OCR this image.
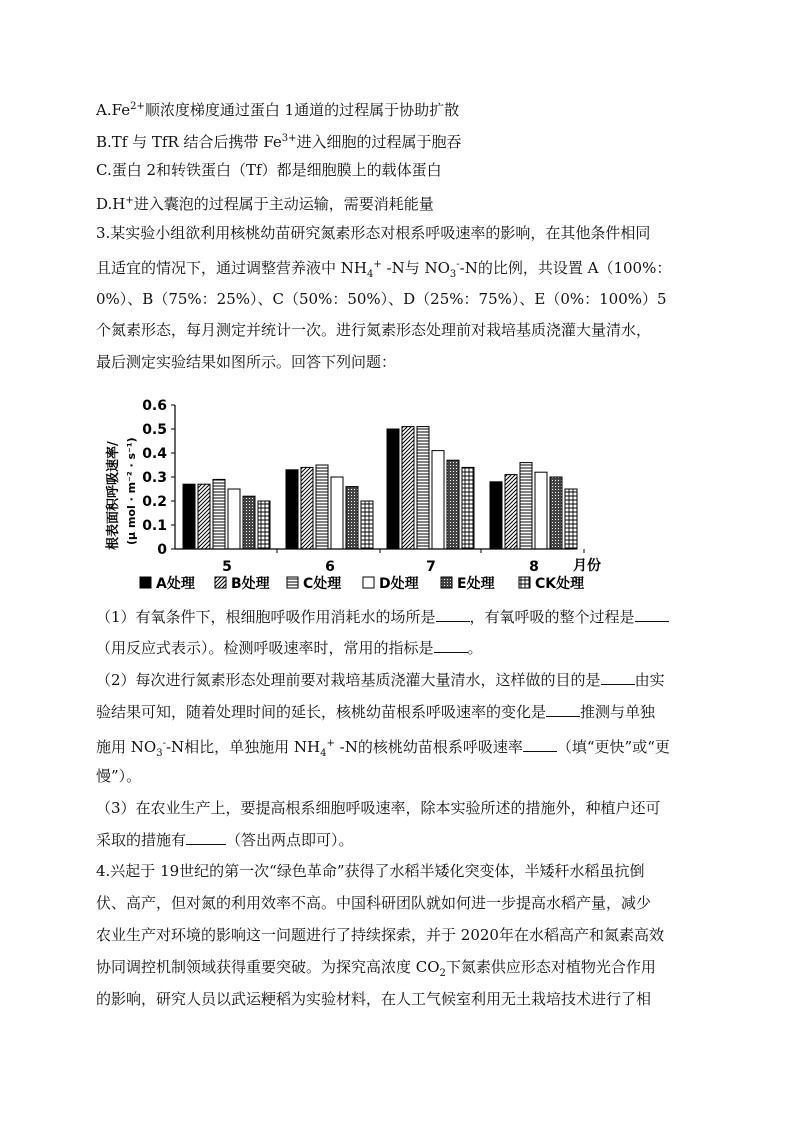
$A.Fe^{2+}$顺浓度梯度通过蛋白 1通道的过程属于协助扩散
B.Tf 与 TfR 结合后携带 $Fe^{3+}$进入细胞的过程属于胞吞
C.蛋白 2和转铁蛋白（Tf）都是细胞膜上的载体蛋白
D.H+进入囊泡的过程属于主动运输，需要消耗能量
3.某实验小组欲利用核桃幼苗研究氮素形态对根系呼吸速率的影响，在其他条件相同
且适宜的情况下，通过调整营养液中 $NH_4^+$ -N与 $NO_3^--N$的比例，共设置 A（100%：
0%）、B（75%：25%）、C（50%：50%）、D（25%：75%）、E（0%：100%）5
个氮素形态，每月测定并统计一次。进行氮素形态处理前对栽培基质浇灌大量清水，
最后测定实验结果如图所示。回答下列问题：
根表面积呼吸速率/ (μ mol · m⁻² · s⁻¹)
0
0.1
0.2
0.3
0.4
0.5
0.6
5	6	7	8 月份
A处理	B处理 C处理	D处理	E处理	CK处理
（1）有氧条件下，根细胞呼吸作用消耗水的场所是 ，有氧呼吸的整个过程是
（用反应式表示）。检测呼吸速率时，常用的指标是 。
（2）每次进行氮素形态处理前要对栽培基质浇灌大量清水，这样做的目的是 由实
验结果可知，随着处理时间的延长，核桃幼苗根系呼吸速率的变化是 推测与单独
施用 $NO_3^--N$相比，单独施用 $NH_4^+$ -N的核桃幼苗根系呼吸速率 （填“更快”或“更
慢”）。
（3）在农业生产上，要提高根系细胞呼吸速率，除本实验所述的措施外，种植户还可
采取的措施有	（答出两点即可）。
4.兴起于 19世纪的第一次“绿色革命”获得了水稻半矮化突变体，半矮秆水稻虽抗倒
伏、高产，但对氮的利用效率不高。中国科研团队就如何进一步提高水稻产量，减少
农业生产对环境的影响这一问题进行了持续探索，并于 2020年在水稻高产和氮素高效
协同调控机制领域获得重要突破。为探究高浓度 $CO_2$下氮素供应形态对植物光合作用
的影响，研究人员以武运粳稻为实验材料，在人工气候室利用无土栽培技术进行了相
